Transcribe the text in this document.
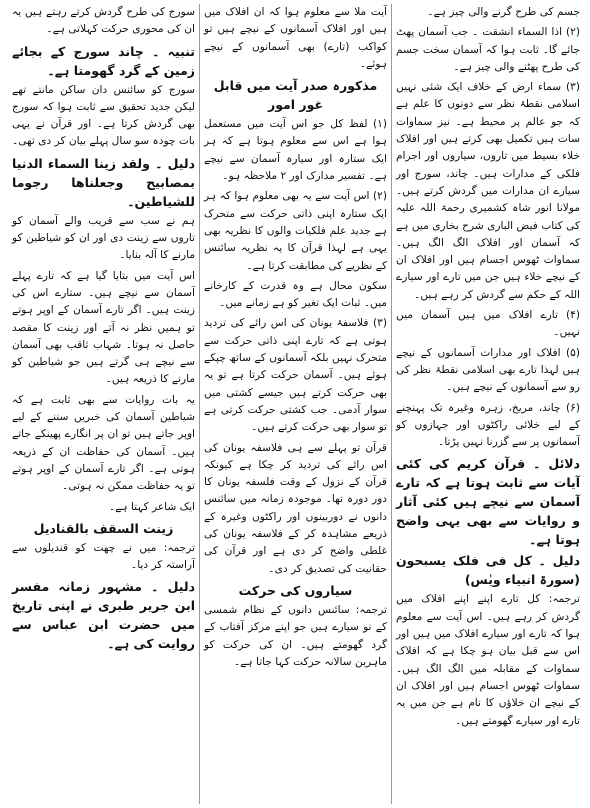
جسم کی طرح گرنے والی چیز ہے۔

(۲) اذا السماء انشقت ۔ جب آسمان پھٹ جائے گا۔ ثابت ہوا کہ آسمان سخت جسم کی طرح پھٹنے والی چیز ہے۔

(۳) سماء ارض کے خلاف ایک شئی نہیں اسلامی نقطۂ نظر سے دونوں کا علم ہے کہ جو عالم پر محیط ہے۔ نیز سماوات سات ہیں تکمیل بھی کرتے ہیں اور افلاک خلاء بسیط میں تاروں، سیاروں اور اجرام فلکی کے مدارات ہیں۔ چاند، سورج اور سیارے ان مدارات میں گردش کرتے ہیں۔ مولانا انور شاہ کشمیری رحمۃ اللہ علیہ کی کتاب فیض الباری شرح بخاری میں ہے کہ آسمان اور افلاک الگ الگ ہیں۔ سماوات ٹھوس اجسام ہیں اور افلاک ان کے نیچے خلاء ہیں جن میں تارے اور سیارے اللہ کے حکم سے گردش کر رہے ہیں۔

(۴) تارے افلاک میں ہیں آسمان میں نہیں۔

(۵) افلاک اور مدارات آسمانوں کے نیچے ہیں لہذا تارے بھی اسلامی نقطۂ نظر کی رو سے آسمانوں کے نیچے ہیں۔

(۶) چاند، مریخ، زہرہ وغیرہ تک پہنچنے کے لیے خلائی راکٹوں اور جہازوں کو آسمانوں پر سے گزرنا نہیں پڑتا۔

دلائل ۔ قرآن کریم کی کئی آیات سے ثابت ہوتا ہے کہ تارے آسمان سے نیچے ہیں کئی آثار و روایات سے بھی یہی واضح ہوتا ہے۔

دلیل ۔ کل فی فلک یسبحون (سورۃ انبیاء ویٰس)

ترجمہ: کل تارے اپنے اپنے افلاک میں گردش کر رہے ہیں۔ اس آیت سے معلوم ہوا کہ تارے اور سیارے افلاک میں ہیں اور اس سے قبل بیان ہو چکا ہے کہ افلاک سماوات کے مقابلہ میں الگ الگ ہیں۔ سماوات ٹھوس اجسام ہیں اور افلاک ان کے نیچے ان خلاؤں کا نام ہے جن میں یہ تارے اور سیارے گھومتے ہیں۔

آیت ملا سے معلوم ہوا کہ ان افلاک میں ہیں اور افلاک آسمانوں کے نیچے ہیں تو کواکب (تارے) بھی آسمانوں کے نیچے ہوئے۔

مذکورہ صدر آیت میں قابل غور امور

(۱) لفظ کل جو اس آیت میں مستعمل ہوا ہے اس سے معلوم ہوتا ہے کہ ہر ایک ستارہ اور سیارہ آسمان سے نیچے ہے۔ تفسیر مدارک اور ۲ ملاحظہ ہو۔

(۲) اس آیت سے یہ بھی معلوم ہوا کہ ہر ایک ستارہ اپنی ذاتی حرکت سے متحرک ہے جدید علم فلکیات والوں کا نظریہ بھی یہی ہے لہذا قرآن کا یہ نظریہ سائنس کے نظریے کی مطابقت کرتا ہے۔

سکون محال ہے وہ قدرت کے کارخانے میں۔ ثبات ایک تغیر کو ہے زمانے میں۔

(۳) فلاسفۂ یونان کی اس رائے کی تردید ہوتی ہے کہ تارے اپنی ذاتی حرکت سے متحرک نہیں بلکہ آسمانوں کے ساتھ چپکے ہوئے ہیں۔ آسمان حرکت کرتا ہے تو یہ بھی حرکت کرتے ہیں جیسے کشتی میں سوار آدمی۔ جب کشتی حرکت کرتی ہے تو سوار بھی حرکت کرتے ہیں۔

قرآن تو پہلے سے ہی فلاسفہ یونان کی اس رائے کی تردید کر چکا ہے کیونکہ قرآن کے نزول کے وقت فلسفہ یونان کا دور دورہ تھا۔ موجودہ زمانہ میں سائنس دانوں نے دوربینوں اور راکٹوں وغیرہ کے ذریعے مشاہدہ کر کے فلاسفہ یونان کی غلطی واضح کر دی ہے اور قرآن کی حقانیت کی تصدیق کر دی۔

سیاروں کی حرکت

ترجمہ: سائنس دانوں کے نظام شمسی کے نو سیارے ہیں جو اپنے مرکز آفتاب کے گرد گھومتے ہیں۔ ان کی حرکت کو ماہرین سالانہ حرکت کہا جاتا ہے۔

سورج کی طرح گردش کرتے رہتے ہیں یہ ان کی محوری حرکت کہلاتی ہے۔

تنبیہ ۔ چاند سورج کے بجائے زمین کے گرد گھومتا ہے۔

سورج کو سائنس دان ساکن مانتے تھے لیکن جدید تحقیق سے ثابت ہوا کہ سورج بھی گردش کرتا ہے۔ اور قرآن نے یہی بات چودہ سو سال پہلے بیان کر دی تھی۔

دلیل ۔ ولقد زینا السماء الدنیا بمصابیح وجعلناھا رجوما للشیاطین۔

ہم نے سب سے قریب والے آسمان کو تاروں سے زینت دی اور ان کو شیاطین کو مارنے کا آلہ بنایا۔

اس آیت میں بتایا گیا ہے کہ تارے پہلے آسمان سے نیچے ہیں۔ ستارے اس کی زینت ہیں۔ اگر تارے آسمان کے اوپر ہوتے تو ہمیں نظر نہ آتے اور زینت کا مقصد حاصل نہ ہوتا۔ شہاب ثاقب بھی آسمان سے نیچے ہی گرتے ہیں جو شیاطین کو مارنے کا ذریعہ ہیں۔

یہ بات روایات سے بھی ثابت ہے کہ شیاطین آسمان کی خبریں سننے کے لیے اوپر جاتے ہیں تو ان پر انگارے پھینکے جاتے ہیں۔ آسمان کی حفاظت ان کے ذریعہ ہوتی ہے۔ اگر تارے آسمان کے اوپر ہوتے تو یہ حفاظت ممکن نہ ہوتی۔

ایک شاعر کہتا ہے۔

زینت السقف بالقنادیل

ترجمہ: میں نے چھت کو قندیلوں سے آراستہ کر دیا۔

دلیل ۔ مشہور زمانہ مفسر ابن جریر طبری نے اپنی تاریخ میں حضرت ابن عباس سے روایت کی ہے۔
